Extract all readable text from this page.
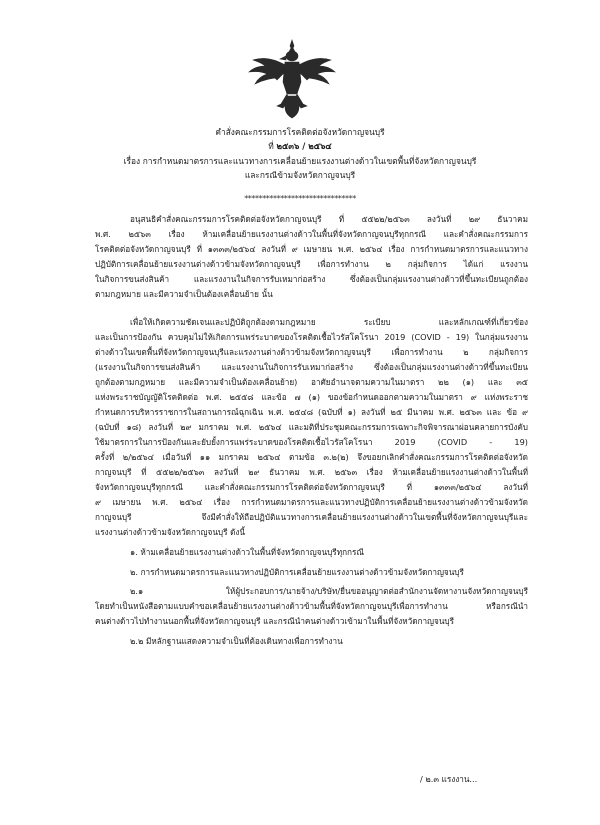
คำสั่งคณะกรรมการโรคติดต่อจังหวัดกาญจนบุรี
ที่ ๒๕๓๖ / ๒๕๖๔
เรื่อง การกำหนดมาตรการและแนวทางการเคลื่อนย้ายแรงงานต่างด้าวในเขตพื้นที่จังหวัดกาญจนบุรี
และกรณีข้ามจังหวัดกาญจนบุรี
*******************************
อนุสนธิคำสั่งคณะกรรมการโรคติดต่อจังหวัดกาญจนบุรี ที่ ๕๕๒๒/๒๕๖๓ ลงวันที่ ๒๙ ธันวาคม
พ.ศ. ๒๕๖๓ เรื่อง ห้ามเคลื่อนย้ายแรงงานต่างด้าวในพื้นที่จังหวัดกาญจนบุรีทุกกรณี และคำสั่งคณะกรรมการ
โรคติดต่อจังหวัดกาญจนบุรี ที่ ๑๓๓๓/๒๕๖๔ ลงวันที่ ๙ เมษายน พ.ศ. ๒๕๖๔ เรื่อง การกำหนดมาตรการและแนวทาง
ปฏิบัติการเคลื่อนย้ายแรงงานต่างด้าวข้ามจังหวัดกาญจนบุรี เพื่อการทำงาน ๒ กลุ่มกิจการ ได้แก่ แรงงาน
ในกิจการขนส่งสินค้า และแรงงานในกิจการรับเหมาก่อสร้าง ซึ่งต้องเป็นกลุ่มแรงงานต่างด้าวที่ขึ้นทะเบียนถูกต้อง
ตามกฎหมาย และมีความจำเป็นต้องเคลื่อนย้าย นั้น
เพื่อให้เกิดความชัดเจนและปฏิบัติถูกต้องตามกฎหมาย ระเบียบ และหลักเกณฑ์ที่เกี่ยวข้อง
และเป็นการป้องกัน ควบคุมไม่ให้เกิดการแพร่ระบาดของโรคติดเชื้อไวรัสโคโรนา 2019 (COVID - 19) ในกลุ่มแรงงาน
ต่างด้าวในเขตพื้นที่จังหวัดกาญจนบุรีและแรงงานต่างด้าวข้ามจังหวัดกาญจนบุรี เพื่อการทำงาน ๒ กลุ่มกิจการ
(แรงงานในกิจการขนส่งสินค้า และแรงงานในกิจการรับเหมาก่อสร้าง ซึ่งต้องเป็นกลุ่มแรงงานต่างด้าวที่ขึ้นทะเบียน
ถูกต้องตามกฎหมาย และมีความจำเป็นต้องเคลื่อนย้าย) อาศัยอำนาจตามความในมาตรา ๒๒ (๑) และ ๓๕
แห่งพระราชบัญญัติโรคติดต่อ พ.ศ. ๒๕๕๘ และข้อ ๗ (๑) ของข้อกำหนดออกตามความในมาตรา ๙ แห่งพระราช
กำหนดการบริหารราชการในสถานการณ์ฉุกเฉิน พ.ศ. ๒๕๔๘ (ฉบับที่ ๑) ลงวันที่ ๒๕ มีนาคม พ.ศ. ๒๕๖๓ และ ข้อ ๙
(ฉบับที่ ๑๘) ลงวันที่ ๒๙ มกราคม พ.ศ. ๒๕๖๔ และมติที่ประชุมคณะกรรมการเฉพาะกิจพิจารณาผ่อนคลายการบังคับ
ใช้มาตรการในการป้องกันและยับยั้งการแพร่ระบาดของโรคติดเชื้อไวรัสโคโรนา 2019 (COVID - 19)
ครั้งที่ ๒/๒๕๖๔ เมื่อวันที่ ๑๑ มกราคม ๒๕๖๔ ตามข้อ ๓.๒(๒) จึงขอยกเลิกคำสั่งคณะกรรมการโรคติดต่อจังหวัด
กาญจนบุรี ที่ ๕๕๒๒/๒๕๖๓ ลงวันที่ ๒๙ ธันวาคม พ.ศ. ๒๕๖๓ เรื่อง ห้ามเคลื่อนย้ายแรงงานต่างด้าวในพื้นที่
จังหวัดกาญจนบุรีทุกกรณี และคำสั่งคณะกรรมการโรคติดต่อจังหวัดกาญจนบุรี ที่ ๑๓๓๓/๒๕๖๔ ลงวันที่
๙ เมษายน พ.ศ. ๒๕๖๔ เรื่อง การกำหนดมาตรการและแนวทางปฏิบัติการเคลื่อนย้ายแรงงานต่างด้าวข้ามจังหวัด
กาญจนบุรี จึงมีคำสั่งให้ถือปฏิบัติแนวทางการเคลื่อนย้ายแรงงานต่างด้าวในเขตพื้นที่จังหวัดกาญจนบุรีและ
แรงงานต่างด้าวข้ามจังหวัดกาญจนบุรี ดังนี้
๑. ห้ามเคลื่อนย้ายแรงงานต่างด้าวในพื้นที่จังหวัดกาญจนบุรีทุกกรณี
๒. การกำหนดมาตรการและแนวทางปฏิบัติการเคลื่อนย้ายแรงงานต่างด้าวข้ามจังหวัดกาญจนบุรี
๒.๑ ให้ผู้ประกอบการ/นายจ้าง/บริษัท/ยื่นขออนุญาตต่อสำนักงานจัดหางานจังหวัดกาญจนบุรี
โดยทำเป็นหนังสือตามแบบคำขอเคลื่อนย้ายแรงงานต่างด้าวข้ามพื้นที่จังหวัดกาญจนบุรีเพื่อการทำงาน หรือกรณีนำ
คนต่างด้าวไปทำงานนอกพื้นที่จังหวัดกาญจนบุรี และกรณีนำคนต่างด้าวเข้ามาในพื้นที่จังหวัดกาญจนบุรี
๒.๒ มีหลักฐานแสดงความจำเป็นที่ต้องเดินทางเพื่อการทำงาน
/ ๒.๓ แรงงาน...
